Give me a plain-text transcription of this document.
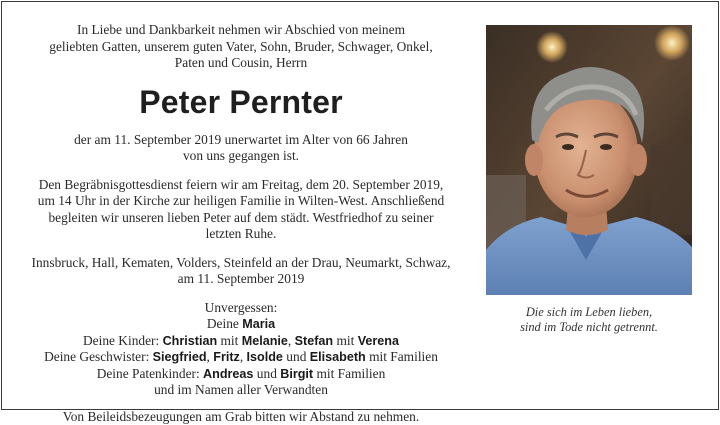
In Liebe und Dankbarkeit nehmen wir Abschied von meinem
geliebten Gatten, unserem guten Vater, Sohn, Bruder, Schwager, Onkel,
Paten und Cousin, Herrn

Peter Pernter

der am 11. September 2019 unerwartet im Alter von 66 Jahren
von uns gegangen ist.

Den Begräbnisgottesdienst feiern wir am Freitag, dem 20. September 2019,
um 14 Uhr in der Kirche zur heiligen Familie in Wilten-West. Anschließend
begleiten wir unseren lieben Peter auf dem städt. Westfriedhof zu seiner
letzten Ruhe.

Innsbruck, Hall, Kematen, Volders, Steinfeld an der Drau, Neumarkt, Schwaz,
am 11. September 2019

Unvergessen:

Deine Maria
Deine Kinder: Christian mit Melanie, Stefan mit Verena
Deine Geschwister: Siegfried, Fritz, Isolde und Elisabeth mit Familien
Deine Patenkinder: Andreas und Birgit mit Familien
und im Namen aller Verwandten

Von Beileidsbezeugungen am Grab bitten wir Abstand zu nehmen.

Die sich im Leben lieben,
sind im Tode nicht getrennt.
